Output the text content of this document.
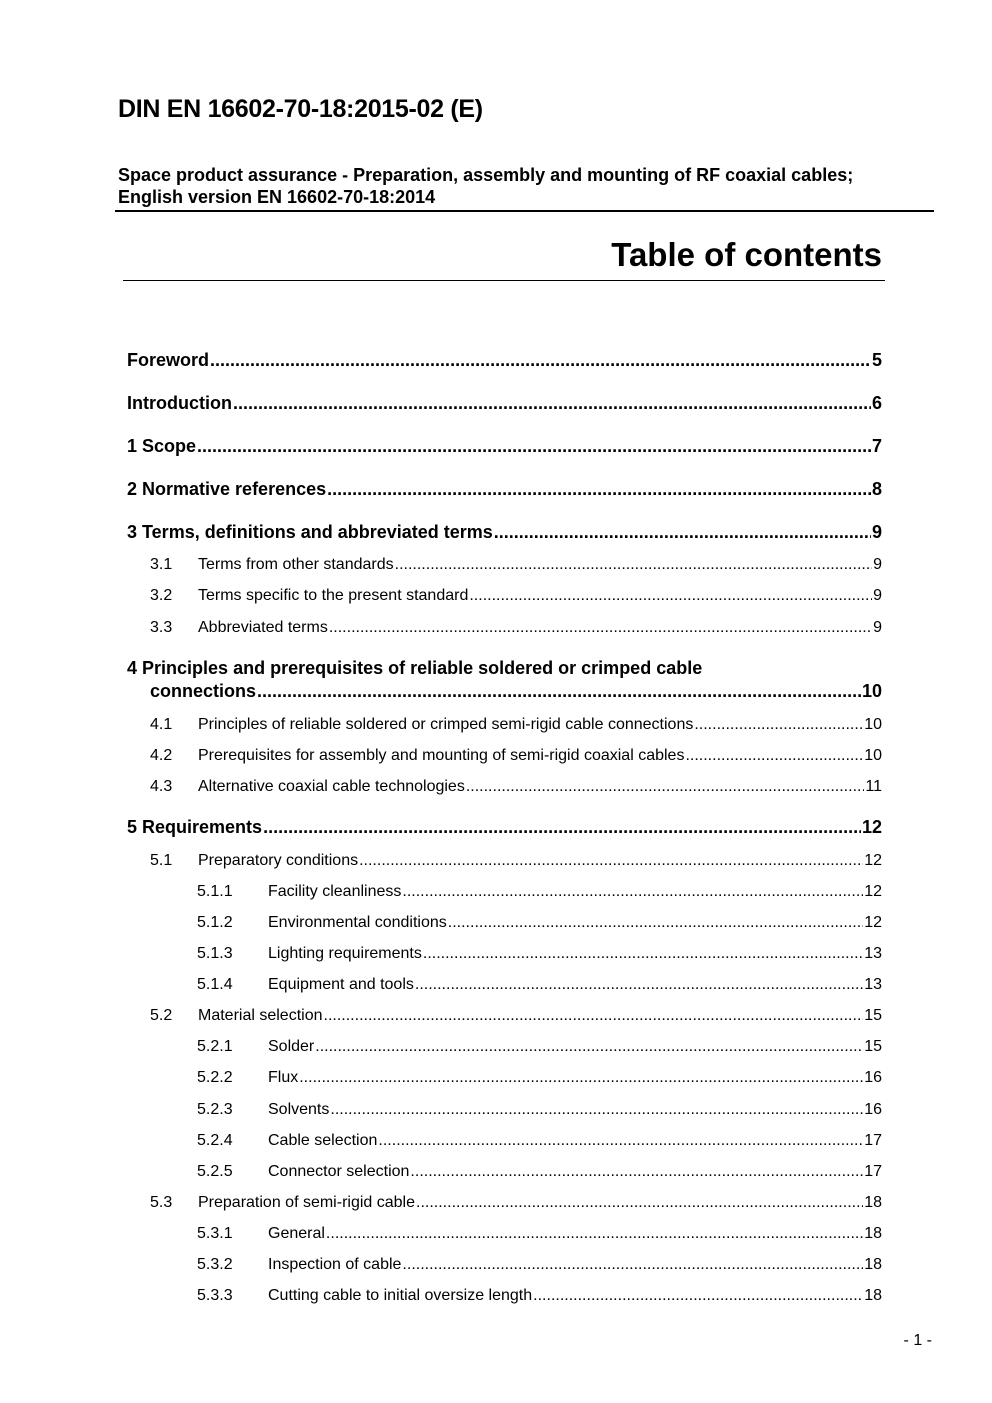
DIN EN 16602-70-18:2015-02 (E)
Space product assurance - Preparation, assembly and mounting of RF coaxial cables; English version EN 16602-70-18:2014
Table of contents
Foreword .....	5
Introduction .....	6
1 Scope .....	7
2 Normative references .....	8
3 Terms, definitions and abbreviated terms .....	9
3.1	Terms from other standards .....	9
3.2	Terms specific to the present standard .....	9
3.3	Abbreviated terms .....	9
4 Principles and prerequisites of reliable soldered or crimped cable
connections .....	10
4.1	Principles of reliable soldered or crimped semi-rigid cable connections .....	10
4.2	Prerequisites for assembly and mounting of semi-rigid coaxial cables .....	10
4.3	Alternative coaxial cable technologies .....	11
5 Requirements .....	12
5.1	Preparatory conditions .....	12
5.1.1	Facility cleanliness .....	12
5.1.2	Environmental conditions .....	12
5.1.3	Lighting requirements .....	13
5.1.4	Equipment and tools .....	13
5.2	Material selection .....	15
5.2.1	Solder .....	15
5.2.2	Flux .....	16
5.2.3	Solvents .....	16
5.2.4	Cable selection .....	17
5.2.5	Connector selection .....	17
5.3	Preparation of semi-rigid cable .....	18
5.3.1	General .....	18
5.3.2	Inspection of cable .....	18
5.3.3	Cutting cable to initial oversize length .....	18
- 1 -
